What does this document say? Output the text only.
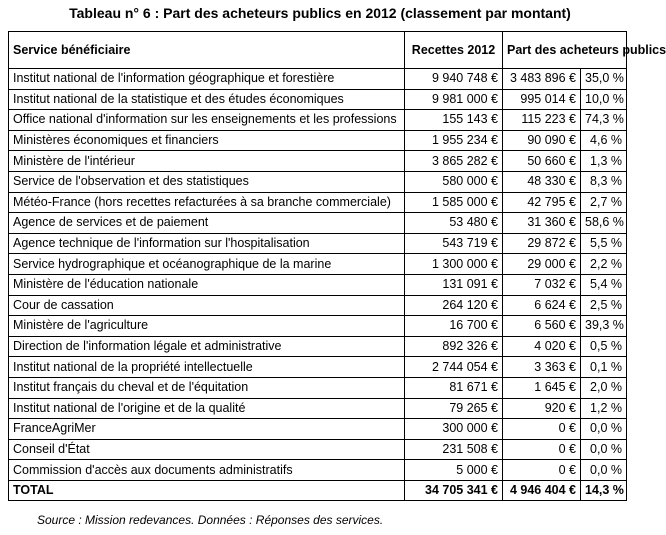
Tableau n° 6 : Part des acheteurs publics en 2012 (classement par montant)
Service bénéficiaire	Recettes 2012	Part des acheteurs publics	
Institut national de l'information géographique et forestière	9 940 748 €	3 483 896 €	35,0 %
Institut national de la statistique et des études économiques	9 981 000 €	995 014 €	10,0 %
Office national d'information sur les enseignements et les professions	155 143 €	115 223 €	74,3 %
Ministères économiques et financiers	1 955 234 €	90 090 €	4,6 %
Ministère de l'intérieur	3 865 282 €	50 660 €	1,3 %
Service de l'observation et des statistiques	580 000 €	48 330 €	8,3 %
Météo-France (hors recettes refacturées à sa branche commerciale)	1 585 000 €	42 795 €	2,7 %
Agence de services et de paiement	53 480 €	31 360 €	58,6 %
Agence technique de l'information sur l'hospitalisation	543 719 €	29 872 €	5,5 %
Service hydrographique et océanographique de la marine	1 300 000 €	29 000 €	2,2 %
Ministère de l'éducation nationale	131 091 €	7 032 €	5,4 %
Cour de cassation	264 120 €	6 624 €	2,5 %
Ministère de l'agriculture	16 700 €	6 560 €	39,3 %
Direction de l'information légale et administrative	892 326 €	4 020 €	0,5 %
Institut national de la propriété intellectuelle	2 744 054 €	3 363 €	0,1 %
Institut français du cheval et de l'équitation	81 671 €	1 645 €	2,0 %
Institut national de l'origine et de la qualité	79 265 €	920 €	1,2 %
FranceAgriMer	300 000 €	0 €	0,0 %
Conseil d'État	231 508 €	0 €	0,0 %
Commission d'accès aux documents administratifs	5 000 €	0 €	0,0 %
TOTAL	34 705 341 €	4 946 404 €	14,3 %
Source : Mission redevances. Données : Réponses des services.
